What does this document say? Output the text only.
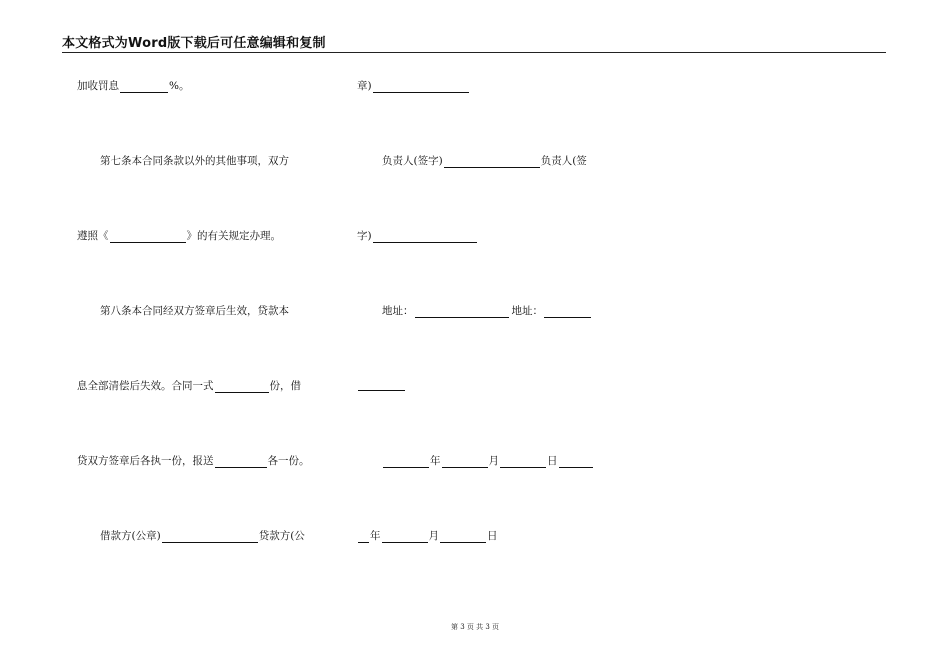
本文格式为Word版下载后可任意编辑和复制
加收罚息	%。
第七条本合同条款以外的其他事项，双方
遵照《	》的有关规定办理。
第八条本合同经双方签章后生效，贷款本
息全部清偿后失效。合同一式	份，借
贷双方签章后各执一份，报送	各一份。
借款方(公章)	贷款方(公
章)
负责人(签字)	负责人(签
字)
地址：	地址：
年	月	日
年	月	日
第 3 页 共 3 页
